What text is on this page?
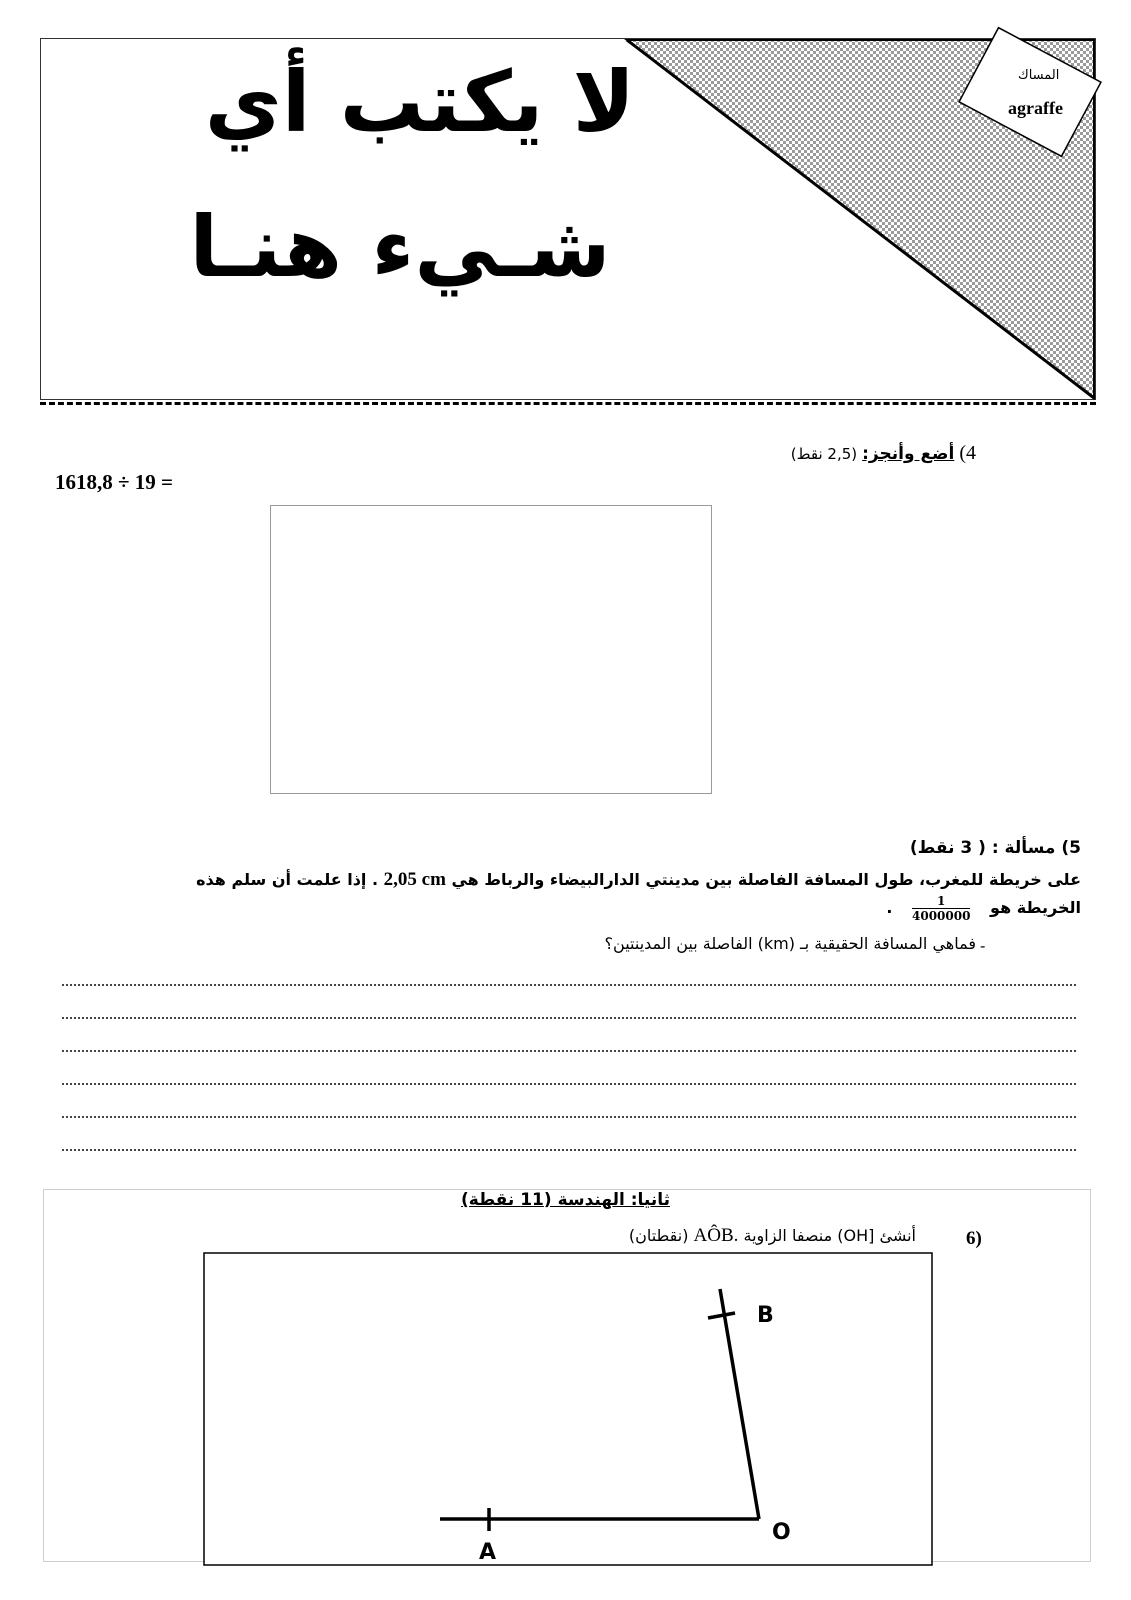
المساك
agraffe
لا يكتب أي
شـيء هنـا
4) أضع وأنجز: (2,5 نقط)
1618,8 ÷ 19 =
5) مسألة : ( 3 نقط)
على خريطة للمغرب، طول المسافة الفاصلة بين مدينتي الدارالبيضاء والرباط هي 2,05 cm . إذا علمت أن سلم هذه
الخريطة هو
$\frac{1}{4000000}$
.
-
فماهي المسافة الحقيقية بـ (km) الفاصلة بين المدينتين؟
ثانيا: الهندسة (11 نقطة)
6)
أنشئ [OH) منصفا الزاوية AÔB. (نقطتان)
A
B
O
